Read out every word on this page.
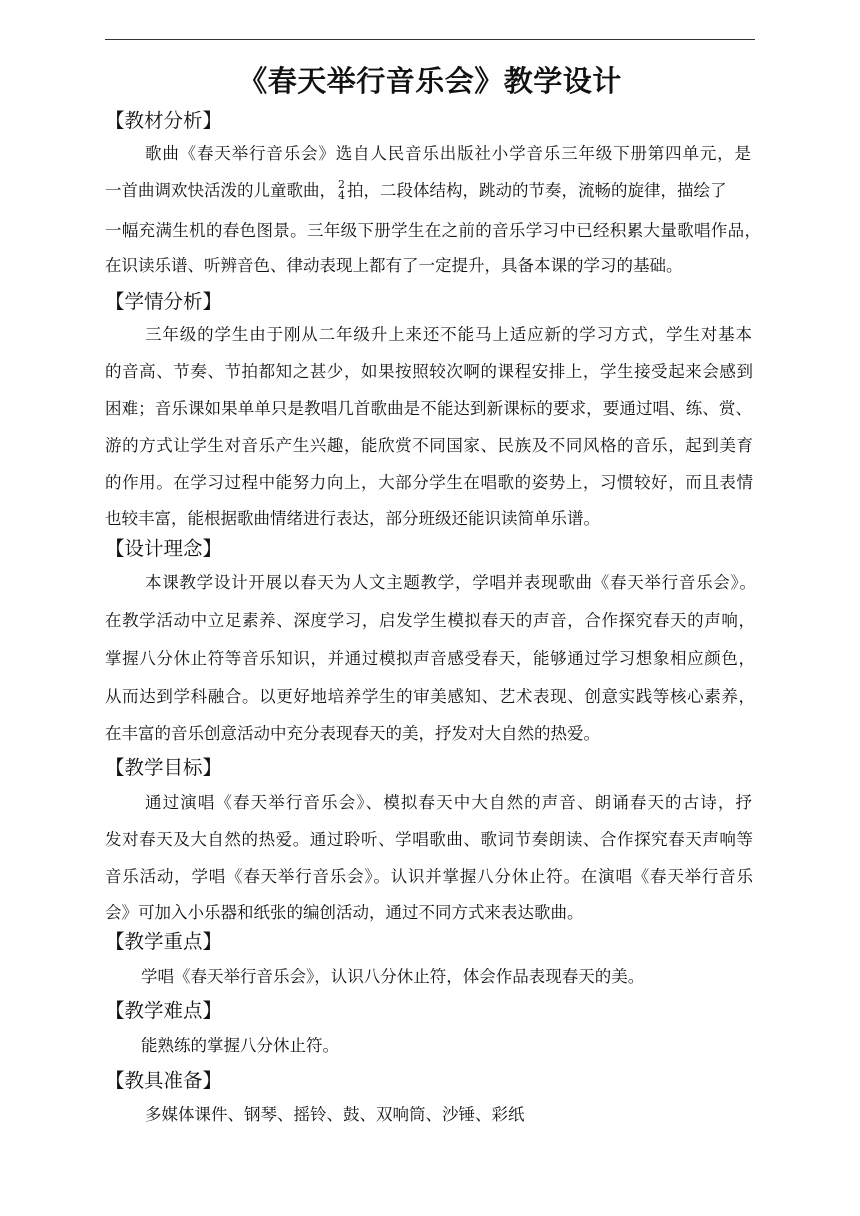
《春天举行音乐会》教学设计
【教材分析】
歌曲《春天举行音乐会》选自人民音乐出版社小学音乐三年级下册第四单元，是
一首曲调欢快活泼的儿童歌曲， 2
4 拍，二段体结构，跳动的节奏，流畅的旋律，描绘了
一幅充满生机的春色图景。三年级下册学生在之前的音乐学习中已经积累大量歌唱作品，
在识读乐谱、听辨音色、律动表现上都有了一定提升，具备本课的学习的基础。
【学情分析】
三年级的学生由于刚从二年级升上来还不能马上适应新的学习方式，学生对基本
的音高、节奏、节拍都知之甚少，如果按照较次啊的课程安排上，学生接受起来会感到
困难；音乐课如果单单只是教唱几首歌曲是不能达到新课标的要求，要通过唱、练、赏、
游的方式让学生对音乐产生兴趣，能欣赏不同国家、民族及不同风格的音乐，起到美育
的作用。在学习过程中能努力向上，大部分学生在唱歌的姿势上，习惯较好，而且表情
也较丰富，能根据歌曲情绪进行表达，部分班级还能识读简单乐谱。
【设计理念】
本课教学设计开展以春天为人文主题教学，学唱并表现歌曲《春天举行音乐会》。
在教学活动中立足素养、深度学习，启发学生模拟春天的声音，合作探究春天的声响，
掌握八分休止符等音乐知识，并通过模拟声音感受春天，能够通过学习想象相应颜色，
从而达到学科融合。以更好地培养学生的审美感知、艺术表现、创意实践等核心素养，
在丰富的音乐创意活动中充分表现春天的美，抒发对大自然的热爱。
【教学目标】
通过演唱《春天举行音乐会》、模拟春天中大自然的声音、朗诵春天的古诗，抒
发对春天及大自然的热爱。通过聆听、学唱歌曲、歌词节奏朗读、合作探究春天声响等
音乐活动，学唱《春天举行音乐会》。认识并掌握八分休止符。在演唱《春天举行音乐
会》可加入小乐器和纸张的编创活动，通过不同方式来表达歌曲。
【教学重点】
学唱《春天举行音乐会》，认识八分休止符，体会作品表现春天的美。
【教学难点】
能熟练的掌握八分休止符。
【教具准备】
多媒体课件、钢琴、摇铃、鼓、双响筒、沙锤、彩纸
